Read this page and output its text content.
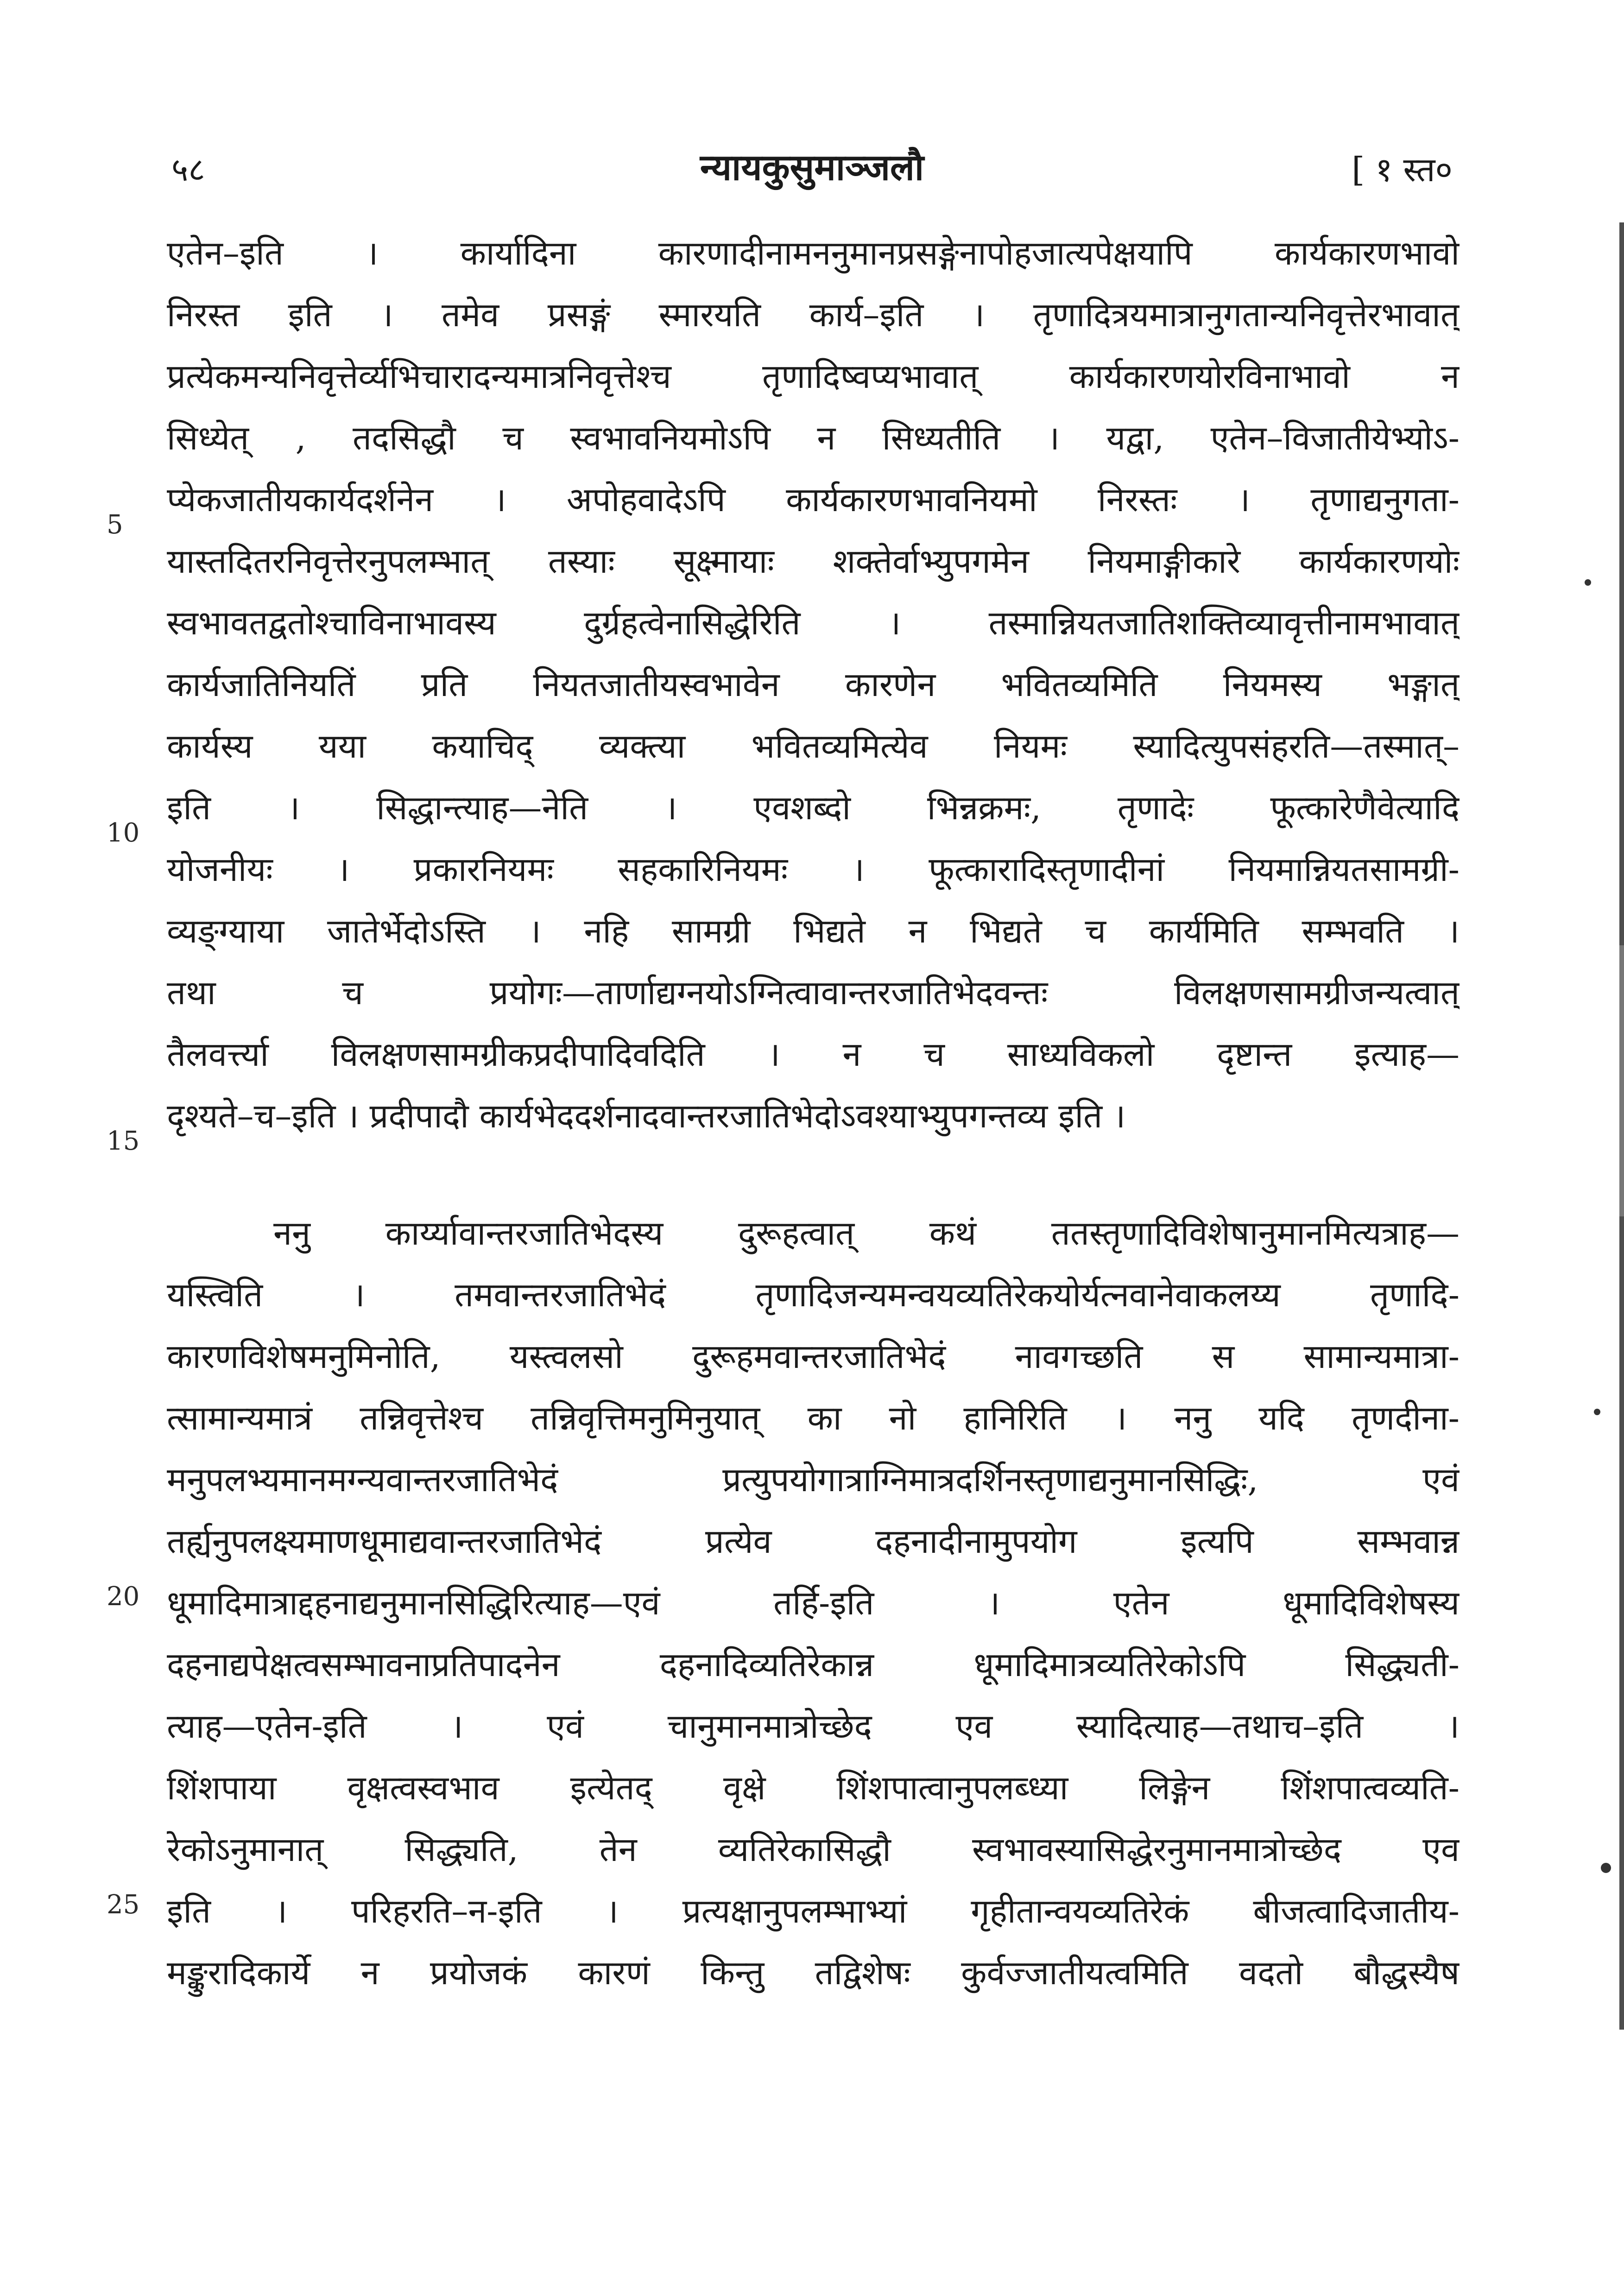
५८	न्यायकुसुमाञ्जलौ	[ १ स्त०
5
10
15
20
25
एतेन–इति । कार्यादिना कारणादीनामननुमानप्रसङ्गेनापोहजात्यपेक्षयापि कार्यकारणभावो
निरस्त इति । तमेव प्रसङ्गं स्मारयति कार्य–इति । तृणादित्रयमात्रानुगतान्यनिवृत्तेरभावात्
प्रत्येकमन्यनिवृत्तेर्व्यभिचारादन्यमात्रनिवृत्तेश्च तृणादिष्वप्यभावात् कार्यकारणयोरविनाभावो न
सिध्येत् , तदसिद्धौ च स्वभावनियमोऽपि न सिध्यतीति । यद्वा, एतेन–विजातीयेभ्योऽ-
प्येकजातीयकार्यदर्शनेन । अपोहवादेऽपि कार्यकारणभावनियमो निरस्तः । तृणाद्यनुगता-
यास्तदितरनिवृत्तेरनुपलम्भात् तस्याः सूक्ष्मायाः शक्तेर्वाभ्युपगमेन नियमाङ्गीकारे कार्यकारणयोः
स्वभावतद्वतोश्चाविनाभावस्य दुर्ग्रहत्वेनासिद्धेरिति । तस्मान्नियतजातिशक्तिव्यावृत्तीनामभावात्
कार्यजातिनियतिं प्रति नियतजातीयस्वभावेन कारणेन भवितव्यमिति नियमस्य भङ्गात्
कार्यस्य यया कयाचिद् व्यक्त्या भवितव्यमित्येव नियमः स्यादित्युपसंहरति—तस्मात्–
इति । सिद्धान्त्याह—नेति । एवशब्दो भिन्नक्रमः, तृणादेः फूत्कारेणैवेत्यादि
योजनीयः । प्रकारनियमः सहकारिनियमः । फूत्कारादिस्तृणादीनां नियमान्नियतसामग्री-
व्यङ्ग्याया जातेर्भेदोऽस्ति । नहि सामग्री भिद्यते न भिद्यते च कार्यमिति सम्भवति ।
तथा च प्रयोगः—तार्णाद्यग्नयोऽग्नित्वावान्तरजातिभेदवन्तः विलक्षणसामग्रीजन्यत्वात्
तैलवर्त्त्या विलक्षणसामग्रीकप्रदीपादिवदिति । न च साध्यविकलो दृष्टान्त इत्याह—
दृश्यते–च–इति । प्रदीपादौ कार्यभेददर्शनादवान्तरजातिभेदोऽवश्याभ्युपगन्तव्य इति ।
ननु कार्य्यावान्तरजातिभेदस्य दुरूहत्वात् कथं ततस्तृणादिविशेषानुमानमित्यत्राह—
यस्त्विति । तमवान्तरजातिभेदं तृणादिजन्यमन्वयव्यतिरेकयोर्यत्नवानेवाकलय्य तृणादि-
कारणविशेषमनुमिनोति, यस्त्वलसो दुरूहमवान्तरजातिभेदं नावगच्छति स सामान्यमात्रा-
त्सामान्यमात्रं तन्निवृत्तेश्च तन्निवृत्तिमनुमिनुयात् का नो हानिरिति । ननु यदि तृणदीना-
मनुपलभ्यमानमग्न्यवान्तरजातिभेदं प्रत्युपयोगात्राग्निमात्रदर्शिनस्तृणाद्यनुमानसिद्धिः, एवं
तर्ह्यनुपलक्ष्यमाणधूमाद्यवान्तरजातिभेदं प्रत्येव दहनादीनामुपयोग इत्यपि सम्भवान्न
धूमादिमात्राद्दहनाद्यनुमानसिद्धिरित्याह—एवं तर्हि-इति । एतेन धूमादिविशेषस्य
दहनाद्यपेक्षत्वसम्भावनाप्रतिपादनेन दहनादिव्यतिरेकान्न धूमादिमात्रव्यतिरेकोऽपि सिद्ध्यती-
त्याह—एतेन-इति । एवं चानुमानमात्रोच्छेद एव स्यादित्याह—तथाच–इति ।
शिंशपाया वृक्षत्वस्वभाव इत्येतद् वृक्षे शिंशपात्वानुपलब्ध्या लिङ्गेन शिंशपात्वव्यति-
रेकोऽनुमानात् सिद्ध्यति, तेन व्यतिरेकासिद्धौ स्वभावस्यासिद्धेरनुमानमात्रोच्छेद एव
इति । परिहरति–न-इति । प्रत्यक्षानुपलम्भाभ्यां गृहीतान्वयव्यतिरेकं बीजत्वादिजातीय-
मङ्कुरादिकार्ये न प्रयोजकं कारणं किन्तु तद्विशेषः कुर्वज्जातीयत्वमिति वदतो बौद्धस्यैष
